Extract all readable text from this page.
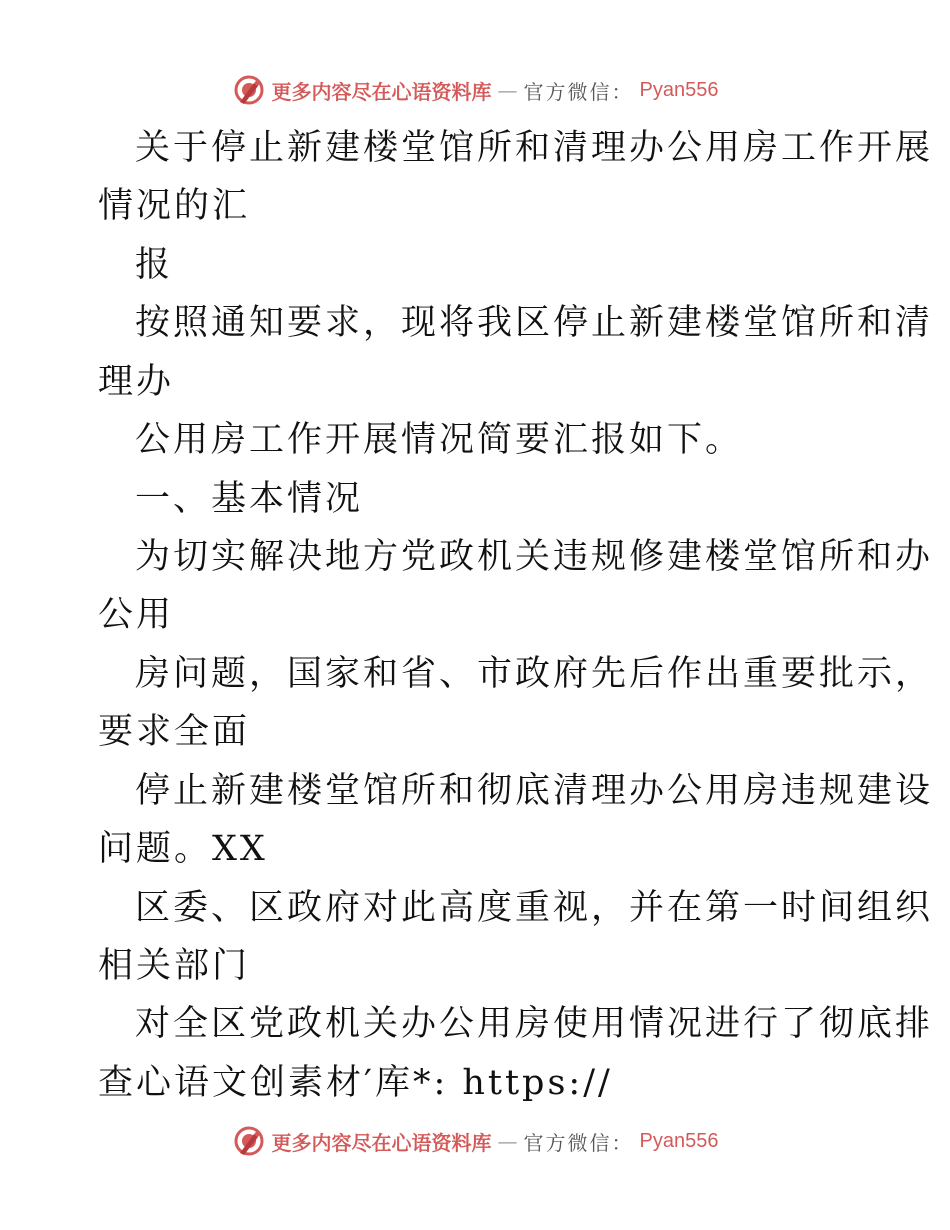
更多内容尽在心语资料库 — 官方微信： Pyan556
关于停止新建楼堂馆所和清理办公用房工作开展
情况的汇
报
按照通知要求，现将我区停止新建楼堂馆所和清
理办
公用房工作开展情况简要汇报如下。
一、基本情况
为切实解决地方党政机关违规修建楼堂馆所和办
公用
房问题，国家和省、市政府先后作出重要批示，
要求全面
停止新建楼堂馆所和彻底清理办公用房违规建设
问题。XX
区委、区政府对此高度重视，并在第一时间组织
相关部门
对全区党政机关办公用房使用情况进行了彻底排
查心语文创素材′库*: https://
更多内容尽在心语资料库 — 官方微信： Pyan556
